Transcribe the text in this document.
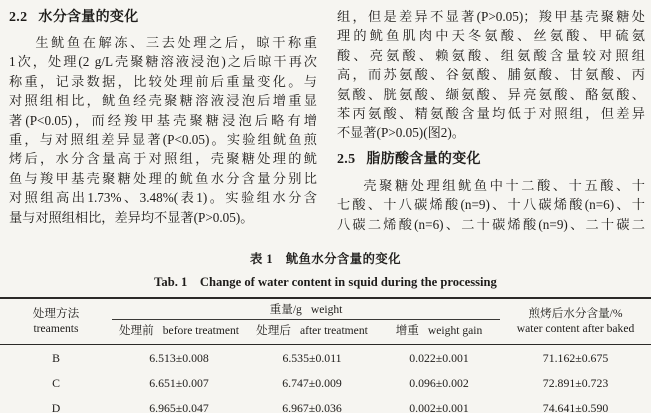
2.2 水分含量的变化
生鱿鱼在解冻、三去处理之后，晾干称重
1次，处理(2 g/L壳聚糖溶液浸泡)之后晾干再次
称重，记录数据，比较处理前后重量变化。与
对照组相比，鱿鱼经壳聚糖溶液浸泡后增重显
著(P<0.05)，而经羧甲基壳聚糖浸泡后略有增
重，与对照组差异显著(P<0.05)。实验组鱿鱼煎
烤后，水分含量高于对照组，壳聚糖处理的鱿
鱼与羧甲基壳聚糖处理的鱿鱼水分含量分别比
对照组高出1.73%、3.48%(表1)。实验组水分含
量与对照组相比，差异均不显著(P>0.05)。
组，但是差异不显著(P>0.05)；羧甲基壳聚糖处
理的鱿鱼肌肉中天冬氨酸、丝氨酸、甲硫氨
酸、亮氨酸、赖氨酸、组氨酸含量较对照组
高，而苏氨酸、谷氨酸、脯氨酸、甘氨酸、丙
氨酸、胱氨酸、缬氨酸、异亮氨酸、酪氨酸、
苯丙氨酸、精氨酸含量均低于对照组，但差异
不显著(P>0.05)(图2)。
2.5 脂肪酸含量的变化
壳聚糖处理组鱿鱼中十二酸、十五酸、十
七酸、十八碳烯酸(n=9)、十八碳烯酸(n=6)、十
八碳二烯酸(n=6)、二十碳烯酸(n=9)、二十碳二
表 1　鱿鱼水分含量的变化
Tab. 1　Change of water content in squid during the processing
处理方法
treaments	重量/g weight			煎烤后水分含量/%
water content after baked

	处理前 before treatment	处理后 after treatment	增重 weight gain	
B	6.513±0.008	6.535±0.011	0.022±0.001	71.162±0.675
C	6.651±0.007	6.747±0.009	0.096±0.002	72.891±0.723
D	6.965±0.047	6.967±0.036	0.002±0.001	74.641±0.590
